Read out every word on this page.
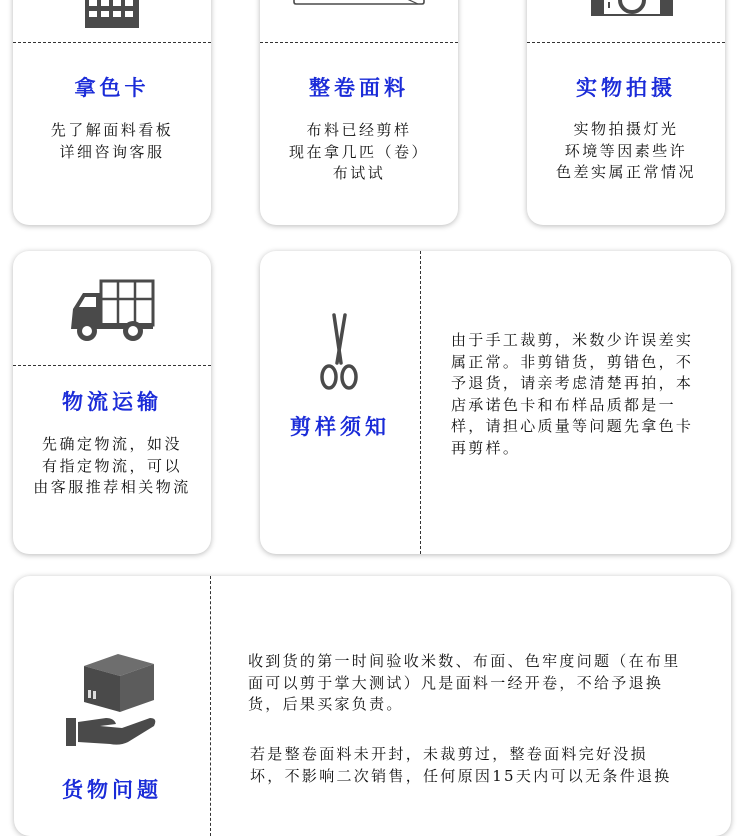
拿色卡
先了解面料看板
详细咨询客服
整卷面料
布料已经剪样
现在拿几匹（卷）
布试试
实物拍摄
实物拍摄灯光
环境等因素些许
色差实属正常情况
物流运输
先确定物流，如没
有指定物流，可以
由客服推荐相关物流
剪样须知
由于手工裁剪，米数少许误差实
属正常。非剪错货，剪错色，不
予退货，请亲考虑清楚再拍，本
店承诺色卡和布样品质都是一
样，请担心质量等问题先拿色卡
再剪样。
货物问题
收到货的第一时间验收米数、布面、色牢度问题（在布里
面可以剪于掌大测试）凡是面料一经开卷，不给予退换
货，后果买家负责。
若是整卷面料未开封，未裁剪过，整卷面料完好没损
坏，不影响二次销售，任何原因15天内可以无条件退换
